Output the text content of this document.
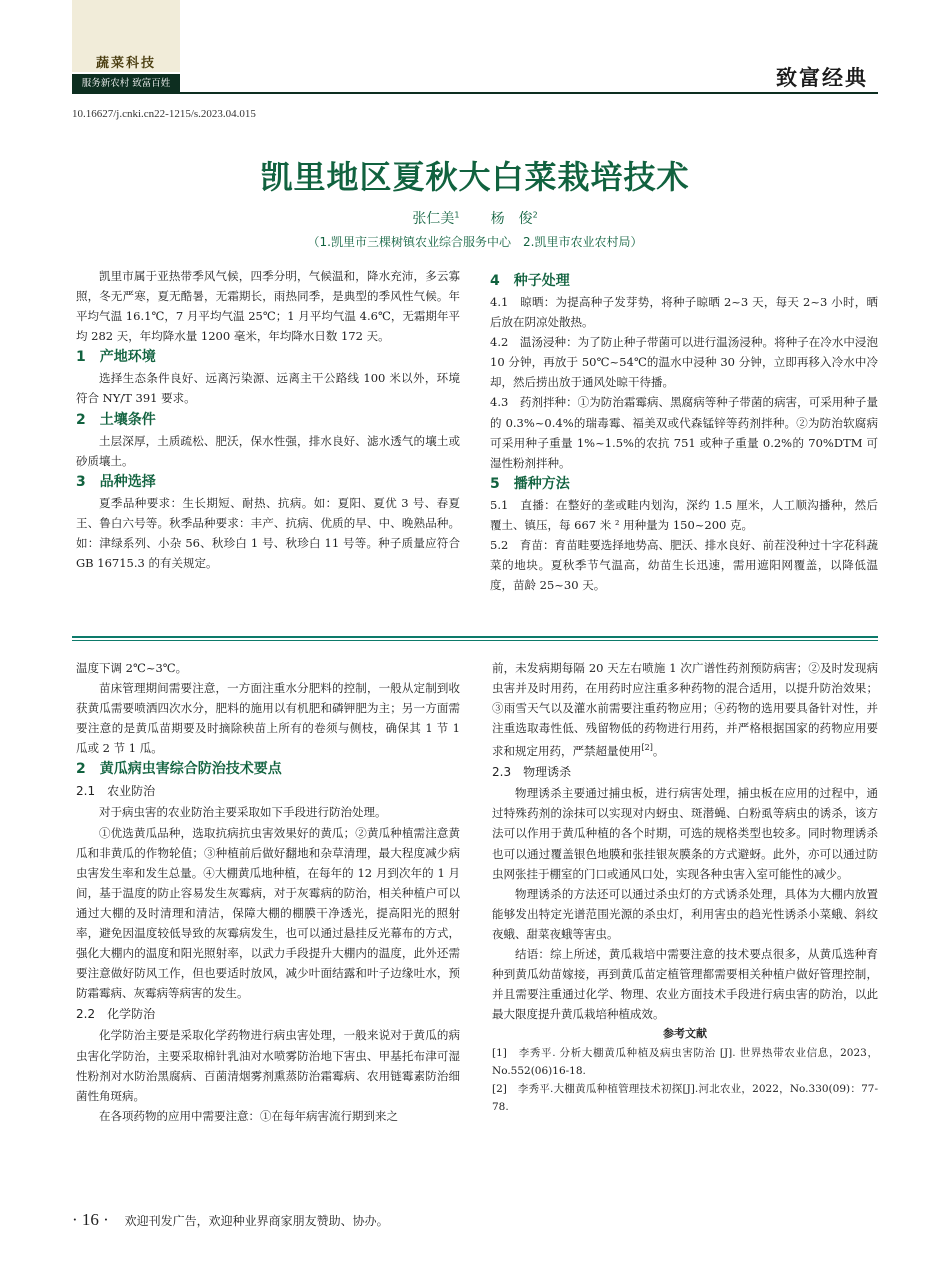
蔬菜科技
服务新农村 致富百姓	致富经典
10.16627/j.cnki.cn22-1215/s.2023.04.015
凯里地区夏秋大白菜栽培技术
张仁美$^1$ 杨　俊$^2$
（1.凯里市三棵树镇农业综合服务中心　2.凯里市农业农村局）

凯里市属于亚热带季风气候，四季分明，气候温和，降水充沛，多云寡照，冬无严寒，夏无酷暑，无霜期长，雨热同季，是典型的季风性气候。年平均气温 16.1℃，7 月平均气温 25℃；1 月平均气温 4.6℃，无霜期年平均 282 天，年均降水量 1200 毫米，年均降水日数 172 天。

1　产地环境

选择生态条件良好、远离污染源、远离主干公路线 100 米以外，环境符合 NY/T 391 要求。

2　土壤条件

土层深厚，土质疏松、肥沃，保水性强，排水良好、滤水透气的壤土或砂质壤土。

3　品种选择

夏季品种要求：生长期短、耐热、抗病。如：夏阳、夏优 3 号、春夏王、鲁白六号等。秋季品种要求：丰产、抗病、优质的早、中、晚熟品种。如：津绿系列、小杂 56、秋珍白 1 号、秋珍白 11 号等。种子质量应符合 GB 16715.3 的有关规定。

4　种子处理

4.1　晾晒：为提高种子发芽势，将种子晾晒 2~3 天，每天 2~3 小时，晒后放在阴凉处散热。

4.2　温汤浸种：为了防止种子带菌可以进行温汤浸种。将种子在冷水中浸泡 10 分钟，再放于 50℃~54℃的温水中浸种 30 分钟，立即再移入冷水中冷却，然后捞出放于通风处晾干待播。

4.3　药剂拌种：①为防治霜霉病、黑腐病等种子带菌的病害，可采用种子量的 0.3%~0.4%的瑞毒霉、福美双或代森锰锌等药剂拌种。②为防治软腐病可采用种子重量 1%~1.5%的农抗 751 或种子重量 0.2%的 70%DTM 可湿性粉剂拌种。

5　播种方法

5.1　直播：在整好的垄或畦内划沟，深约 1.5 厘米，人工顺沟播种，然后覆土、镇压，每 667 米 ² 用种量为 150~200 克。

5.2　育苗：育苗畦要选择地势高、肥沃、排水良好、前茬没种过十字花科蔬菜的地块。夏秋季节气温高，幼苗生长迅速，需用遮阳网覆盖，以降低温度，苗龄 25~30 天。

温度下调 2℃~3℃。

苗床管理期间需要注意，一方面注重水分肥料的控制，一般从定制到收获黄瓜需要喷洒四次水分，肥料的施用以有机肥和磷钾肥为主；另一方面需要注意的是黄瓜苗期要及时摘除秧苗上所有的卷须与侧枝，确保其 1 节 1 瓜或 2 节 1 瓜。

2　黄瓜病虫害综合防治技术要点
2.1　农业防治

对于病虫害的农业防治主要采取如下手段进行防治处理。

①优选黄瓜品种，选取抗病抗虫害效果好的黄瓜；②黄瓜种植需注意黄瓜和非黄瓜的作物轮值；③种植前后做好翻地和杂草清理，最大程度减少病虫害发生率和发生总量。④大棚黄瓜地种植，在每年的 12 月到次年的 1 月间，基于温度的防止容易发生灰霉病，对于灰霉病的防治，相关种植户可以通过大棚的及时清理和清洁，保障大棚的棚膜干净透光，提高阳光的照射率，避免因温度较低导致的灰霉病发生，也可以通过悬挂反光幕布的方式，强化大棚内的温度和阳光照射率，以武力手段提升大棚内的温度，此外还需要注意做好防风工作，但也要适时放风，减少叶面结露和叶子边缘吐水，预防霜霉病、灰霉病等病害的发生。

2.2　化学防治

化学防治主要是采取化学药物进行病虫害处理，一般来说对于黄瓜的病虫害化学防治，主要采取棉针乳油对水喷雾防治地下害虫、甲基托布津可湿性粉剂对水防治黑腐病、百菌清烟雾剂熏蒸防治霜霉病、农用链霉素防治细菌性角斑病。

在各项药物的应用中需要注意：①在每年病害流行期到来之

前，未发病期每隔 20 天左右喷施 1 次广谱性药剂预防病害；②及时发现病虫害并及时用药，在用药时应注重多种药物的混合适用，以提升防治效果；③雨雪天气以及灌水前需要注重药物应用；④药物的选用要具备针对性，并注重选取毒性低、残留物低的药物进行用药，并严格根据国家的药物应用要求和规定用药，严禁超量使用[2]。

2.3　物理诱杀

物理诱杀主要通过捕虫板，进行病害处理，捕虫板在应用的过程中，通过特殊药剂的涂抹可以实现对内蚜虫、斑潜蝇、白粉虱等病虫的诱杀，该方法可以作用于黄瓜种植的各个时期，可选的规格类型也较多。同时物理诱杀也可以通过覆盖银色地膜和张挂银灰膜条的方式避蚜。此外，亦可以通过防虫网张挂于棚室的门口或通风口处，实现各种虫害入室可能性的减少。

物理诱杀的方法还可以通过杀虫灯的方式诱杀处理，具体为大棚内放置能够发出特定光谱范围光源的杀虫灯，利用害虫的趋光性诱杀小菜蛾、斜纹夜蛾、甜菜夜蛾等害虫。

结语：综上所述，黄瓜栽培中需要注意的技术要点很多，从黄瓜选种育种到黄瓜幼苗嫁接，再到黄瓜苗定植管理都需要相关种植户做好管理控制，并且需要注重通过化学、物理、农业方面技术手段进行病虫害的防治，以此最大限度提升黄瓜栽培种植成效。

参考文献

[1]　李秀平. 分析大棚黄瓜种植及病虫害防治 [J]. 世界热带农业信息，2023，No.552(06)16-18.

[2]　李秀平.大棚黄瓜种植管理技术初探[J].河北农业，2022，No.330(09)：77-78.

· 16 · 欢迎刊发广告，欢迎种业界商家朋友赞助、协办。
